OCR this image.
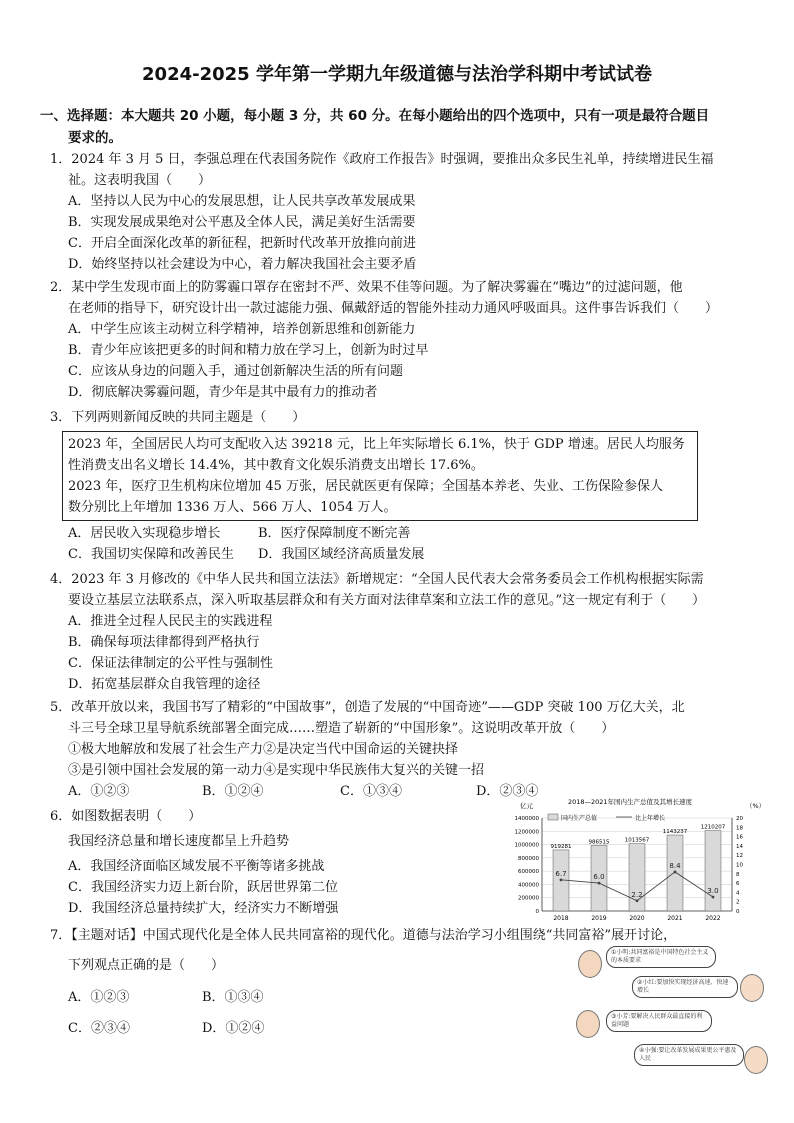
2024-2025 学年第一学期九年级道德与法治学科期中考试试卷
一、选择题：本大题共 20 小题，每小题 3 分，共 60 分。在每小题给出的四个选项中，只有一项是最符合题目
要求的。
1．2024 年 3 月 5 日，李强总理在代表国务院作《政府工作报告》时强调，要推出众多民生礼单，持续增进民生福
祉。这表明我国（　　）
A．坚持以人民为中心的发展思想，让人民共享改革发展成果
B．实现发展成果绝对公平惠及全体人民，满足美好生活需要
C．开启全面深化改革的新征程，把新时代改革开放推向前进
D．始终坚持以社会建设为中心，着力解决我国社会主要矛盾
2．某中学生发现市面上的防雾霾口罩存在密封不严、效果不佳等问题。为了解决雾霾在“嘴边”的过滤问题，他
在老师的指导下，研究设计出一款过滤能力强、佩戴舒适的智能外挂动力通风呼吸面具。这件事告诉我们（　　）
A．中学生应该主动树立科学精神，培养创新思维和创新能力
B．青少年应该把更多的时间和精力放在学习上，创新为时过早
C．应该从身边的问题入手，通过创新解决生活的所有问题
D．彻底解决雾霾问题，青少年是其中最有力的推动者
3．下列两则新闻反映的共同主题是（　　）
2023 年，全国居民人均可支配收入达 39218 元，比上年实际增长 6.1%，快于 GDP 增速。居民人均服务
性消费支出名义增长 14.4%，其中教育文化娱乐消费支出增长 17.6%。
2023 年，医疗卫生机构床位增加 45 万张，居民就医更有保障；全国基本养老、失业、工伤保险参保人
数分别比上年增加 1336 万人、566 万人、1054 万人。
A．居民收入实现稳步增长	B．医疗保障制度不断完善
C．我国切实保障和改善民生 D．我国区域经济高质量发展
4．2023 年 3 月修改的《中华人民共和国立法法》新增规定：“全国人民代表大会常务委员会工作机构根据实际需
要设立基层立法联系点，深入听取基层群众和有关方面对法律草案和立法工作的意见。”这一规定有利于（　　）
A．推进全过程人民民主的实践进程
B．确保每项法律都得到严格执行
C．保证法律制定的公平性与强制性
D．拓宽基层群众自我管理的途径
5．改革开放以来，我国书写了精彩的“中国故事”，创造了发展的“中国奇迹”——GDP 突破 100 万亿大关，北
斗三号全球卫星导航系统部署全面完成……塑造了崭新的“中国形象”。这说明改革开放（　　）
①极大地解放和发展了社会生产力②是决定当代中国命运的关键抉择
③是引领中国社会发展的第一动力④是实现中华民族伟大复兴的关键一招
A．①②③	B．①②④	C．①③④	D．②③④
6．如图数据表明（　　）
我国经济总量和增长速度都呈上升趋势
A．我国经济面临区域发展不平衡等诸多挑战
C．我国经济实力迈上新台阶，跃居世界第二位
D．我国经济总量持续扩大，经济实力不断增强
2018—2021年国内生产总值及其增长速度
亿元	（%）
0
200000
400000
600000
800000
1000000
1200000
1400000
0
2
4
6
8
10
12
14
16
18
20
国内生产总值	比上年增长
919281
2018
986515
2019
1013567
2020
1143237
2021
1210207
2022
6.7	6.0
2.2
8.4
3.0
7．【主题对话】中国式现代化是全体人民共同富裕的现代化。道德与法治学习小组围绕“共同富裕”展开讨论，
下列观点正确的是（　　）
A．①②③	B．①③④
C．②③④	D．①②④
①小明:共同富裕是中国特色社会主义的本质要求
②小红:要加快实现经济高速、快速增长
③小芳:要解决人民群众最直接的利益问题
④小强:要让改革发展成果更公平惠及人民
